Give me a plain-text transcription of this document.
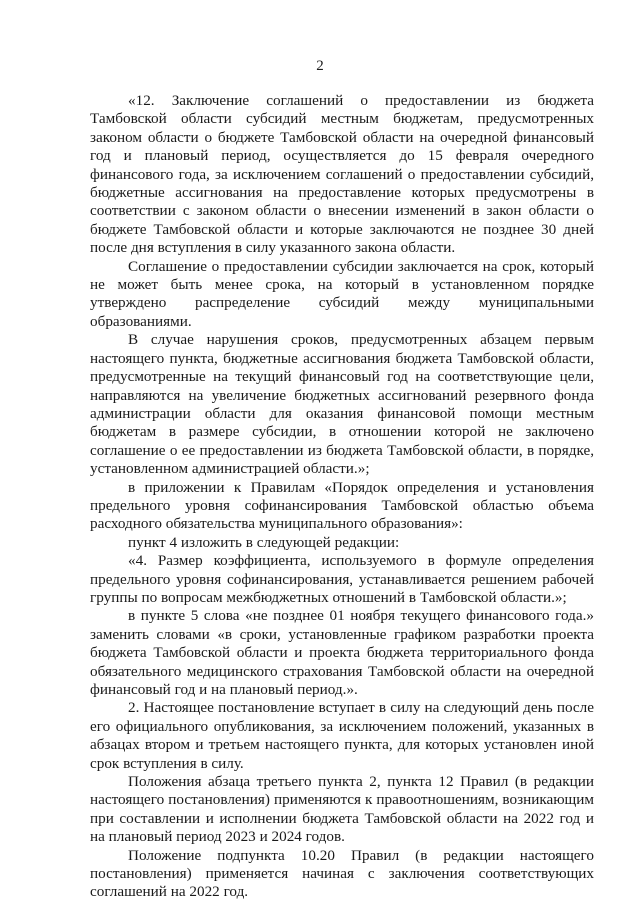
2

«12. Заключение соглашений о предоставлении из бюджета Тамбовской области субсидий местным бюджетам, предусмотренных законом области о бюджете Тамбовской области на очередной финансовый год и плановый период, осуществляется до 15 февраля очередного финансового года, за исключением соглашений о предоставлении субсидий, бюджетные ассигнования на предоставление которых предусмотрены в соответствии с законом области о внесении изменений в закон области о бюджете Тамбовской области и которые заключаются не позднее 30 дней после дня вступления в силу указанного закона области.

Соглашение о предоставлении субсидии заключается на срок, который не может быть менее срока, на который в установленном порядке утверждено распределение субсидий между муниципальными образованиями.

В случае нарушения сроков, предусмотренных абзацем первым настоящего пункта, бюджетные ассигнования бюджета Тамбовской области, предусмотренные на текущий финансовый год на соответствующие цели, направляются на увеличение бюджетных ассигнований резервного фонда администрации области для оказания финансовой помощи местным бюджетам в размере субсидии, в отношении которой не заключено соглашение о ее предоставлении из бюджета Тамбовской области, в порядке, установленном администрацией области.»;

в приложении к Правилам «Порядок определения и установления предельного уровня софинансирования Тамбовской областью объема расходного обязательства муниципального образования»:

пункт 4 изложить в следующей редакции:

«4. Размер коэффициента, используемого в формуле определения предельного уровня софинансирования, устанавливается решением рабочей группы по вопросам межбюджетных отношений в Тамбовской области.»;

в пункте 5 слова «не позднее 01 ноября текущего финансового года.» заменить словами «в сроки, установленные графиком разработки проекта бюджета Тамбовской области и проекта бюджета территориального фонда обязательного медицинского страхования Тамбовской области на очередной финансовый год и на плановый период.».

2. Настоящее постановление вступает в силу на следующий день после его официального опубликования, за исключением положений, указанных в абзацах втором и третьем настоящего пункта, для которых установлен иной срок вступления в силу.

Положения абзаца третьего пункта 2, пункта 12 Правил (в редакции настоящего постановления) применяются к правоотношениям, возникающим при составлении и исполнении бюджета Тамбовской области на 2022 год и на плановый период 2023 и 2024 годов.

Положение подпункта 10.20 Правил (в редакции настоящего постановления) применяется начиная с заключения соответствующих соглашений на 2022 год.
